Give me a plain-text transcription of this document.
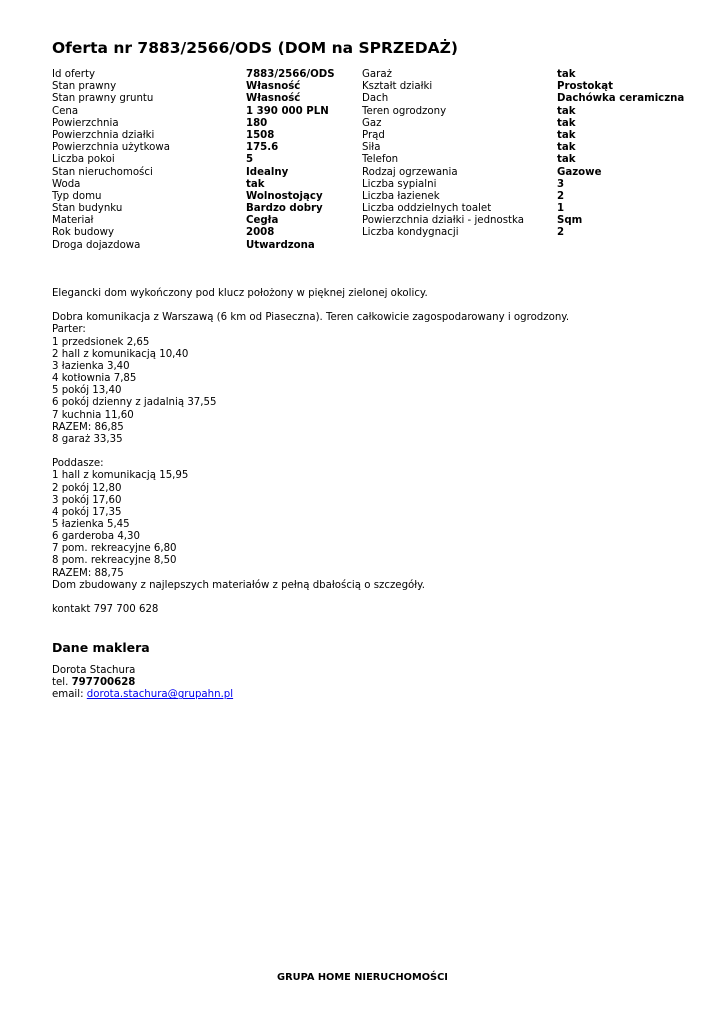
Oferta nr 7883/2566/ODS (DOM na SPRZEDAŻ)
Id oferty	7883/2566/ODS
Stan prawny	Własność
Stan prawny gruntu	Własność
Cena	1 390 000 PLN
Powierzchnia	180
Powierzchnia działki	1508
Powierzchnia użytkowa	175.6
Liczba pokoi	5
Stan nieruchomości	Idealny
Woda	tak
Typ domu	Wolnostojący
Stan budynku	Bardzo dobry
Materiał	Cegła
Rok budowy	2008
Droga dojazdowa	Utwardzona
Garaż	tak
Kształt działki	Prostokąt
Dach	Dachówka ceramiczna
Teren ogrodzony	tak
Gaz	tak
Prąd	tak
Siła	tak
Telefon	tak
Rodzaj ogrzewania	Gazowe
Liczba sypialni	3
Liczba łazienek	2
Liczba oddzielnych toalet	1
Powierzchnia działki - jednostka	Sqm
Liczba kondygnacji	2
Elegancki dom wykończony pod klucz położony w pięknej zielonej okolicy.

Dobra komunikacja z Warszawą (6 km od Piaseczna). Teren całkowicie zagospodarowany i ogrodzony.
Parter:
1 przedsionek 2,65
2 hall z komunikacją 10,40
3 łazienka 3,40
4 kotłownia 7,85
5 pokój 13,40
6 pokój dzienny z jadalnią 37,55
7 kuchnia 11,60
RAZEM: 86,85
8 garaż 33,35

Poddasze:
1 hall z komunikacją 15,95
2 pokój 12,80
3 pokój 17,60
4 pokój 17,35
5 łazienka 5,45
6 garderoba 4,30
7 pom. rekreacyjne 6,80
8 pom. rekreacyjne 8,50
RAZEM: 88,75
Dom zbudowany z najlepszych materiałów z pełną dbałością o szczegóły.

kontakt 797 700 628
Dane maklera
Dorota Stachura
tel. 797700628
email: dorota.stachura@grupahn.pl
GRUPA HOME NIERUCHOMOŚCI
